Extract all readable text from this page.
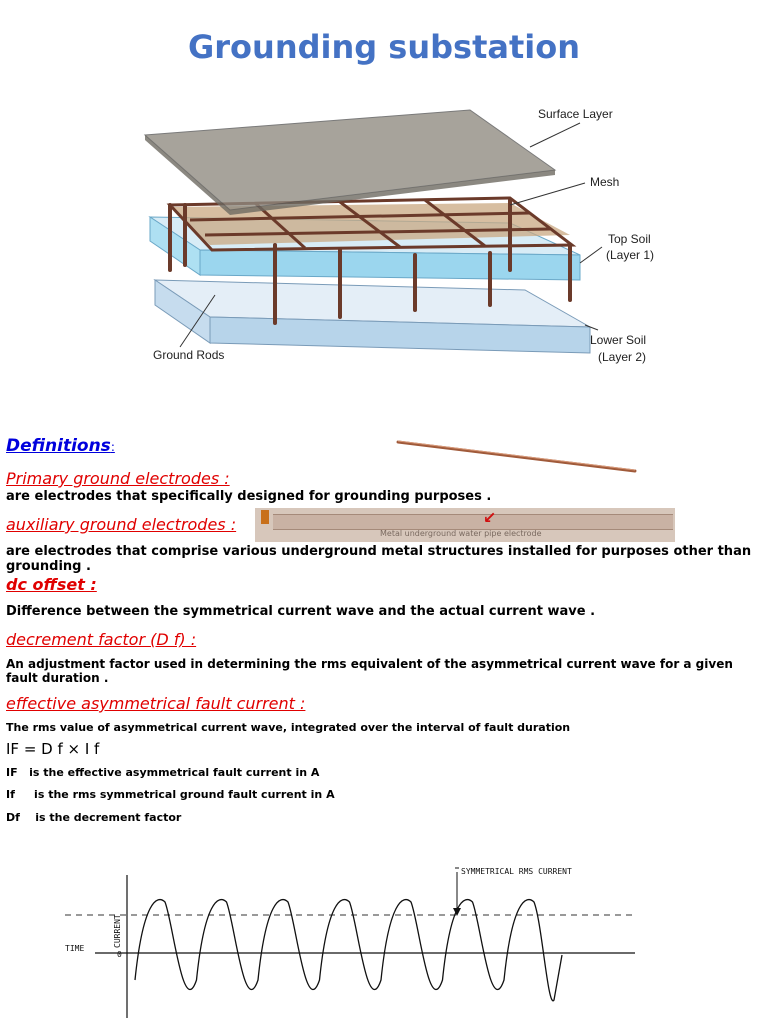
Grounding substation
Surface Layer
Mesh
Top Soil
(Layer 1)
Lower Soil
(Layer 2)
Ground Rods
Definitions:
Primary ground electrodes :
are electrodes that specifically designed for grounding purposes .
auxiliary ground electrodes :	↙
Metal underground water pipe electrode
are electrodes that comprise various underground metal structures installed for purposes other than grounding .
dc offset :
Difference between the symmetrical current wave and the actual current wave .
decrement factor (D f) :
An adjustment factor used in determining the rms equivalent of the asymmetrical current wave for a given fault duration .
effective asymmetrical fault current :
The rms value of asymmetrical current wave, integrated over the interval of fault duration
IF = D f × I f
IF is the effective asymmetrical fault current in A
If is the rms symmetrical ground fault current in A
Df is the decrement factor
SYMMETRICAL RMS CURRENT
TIME
0
CURRENT
